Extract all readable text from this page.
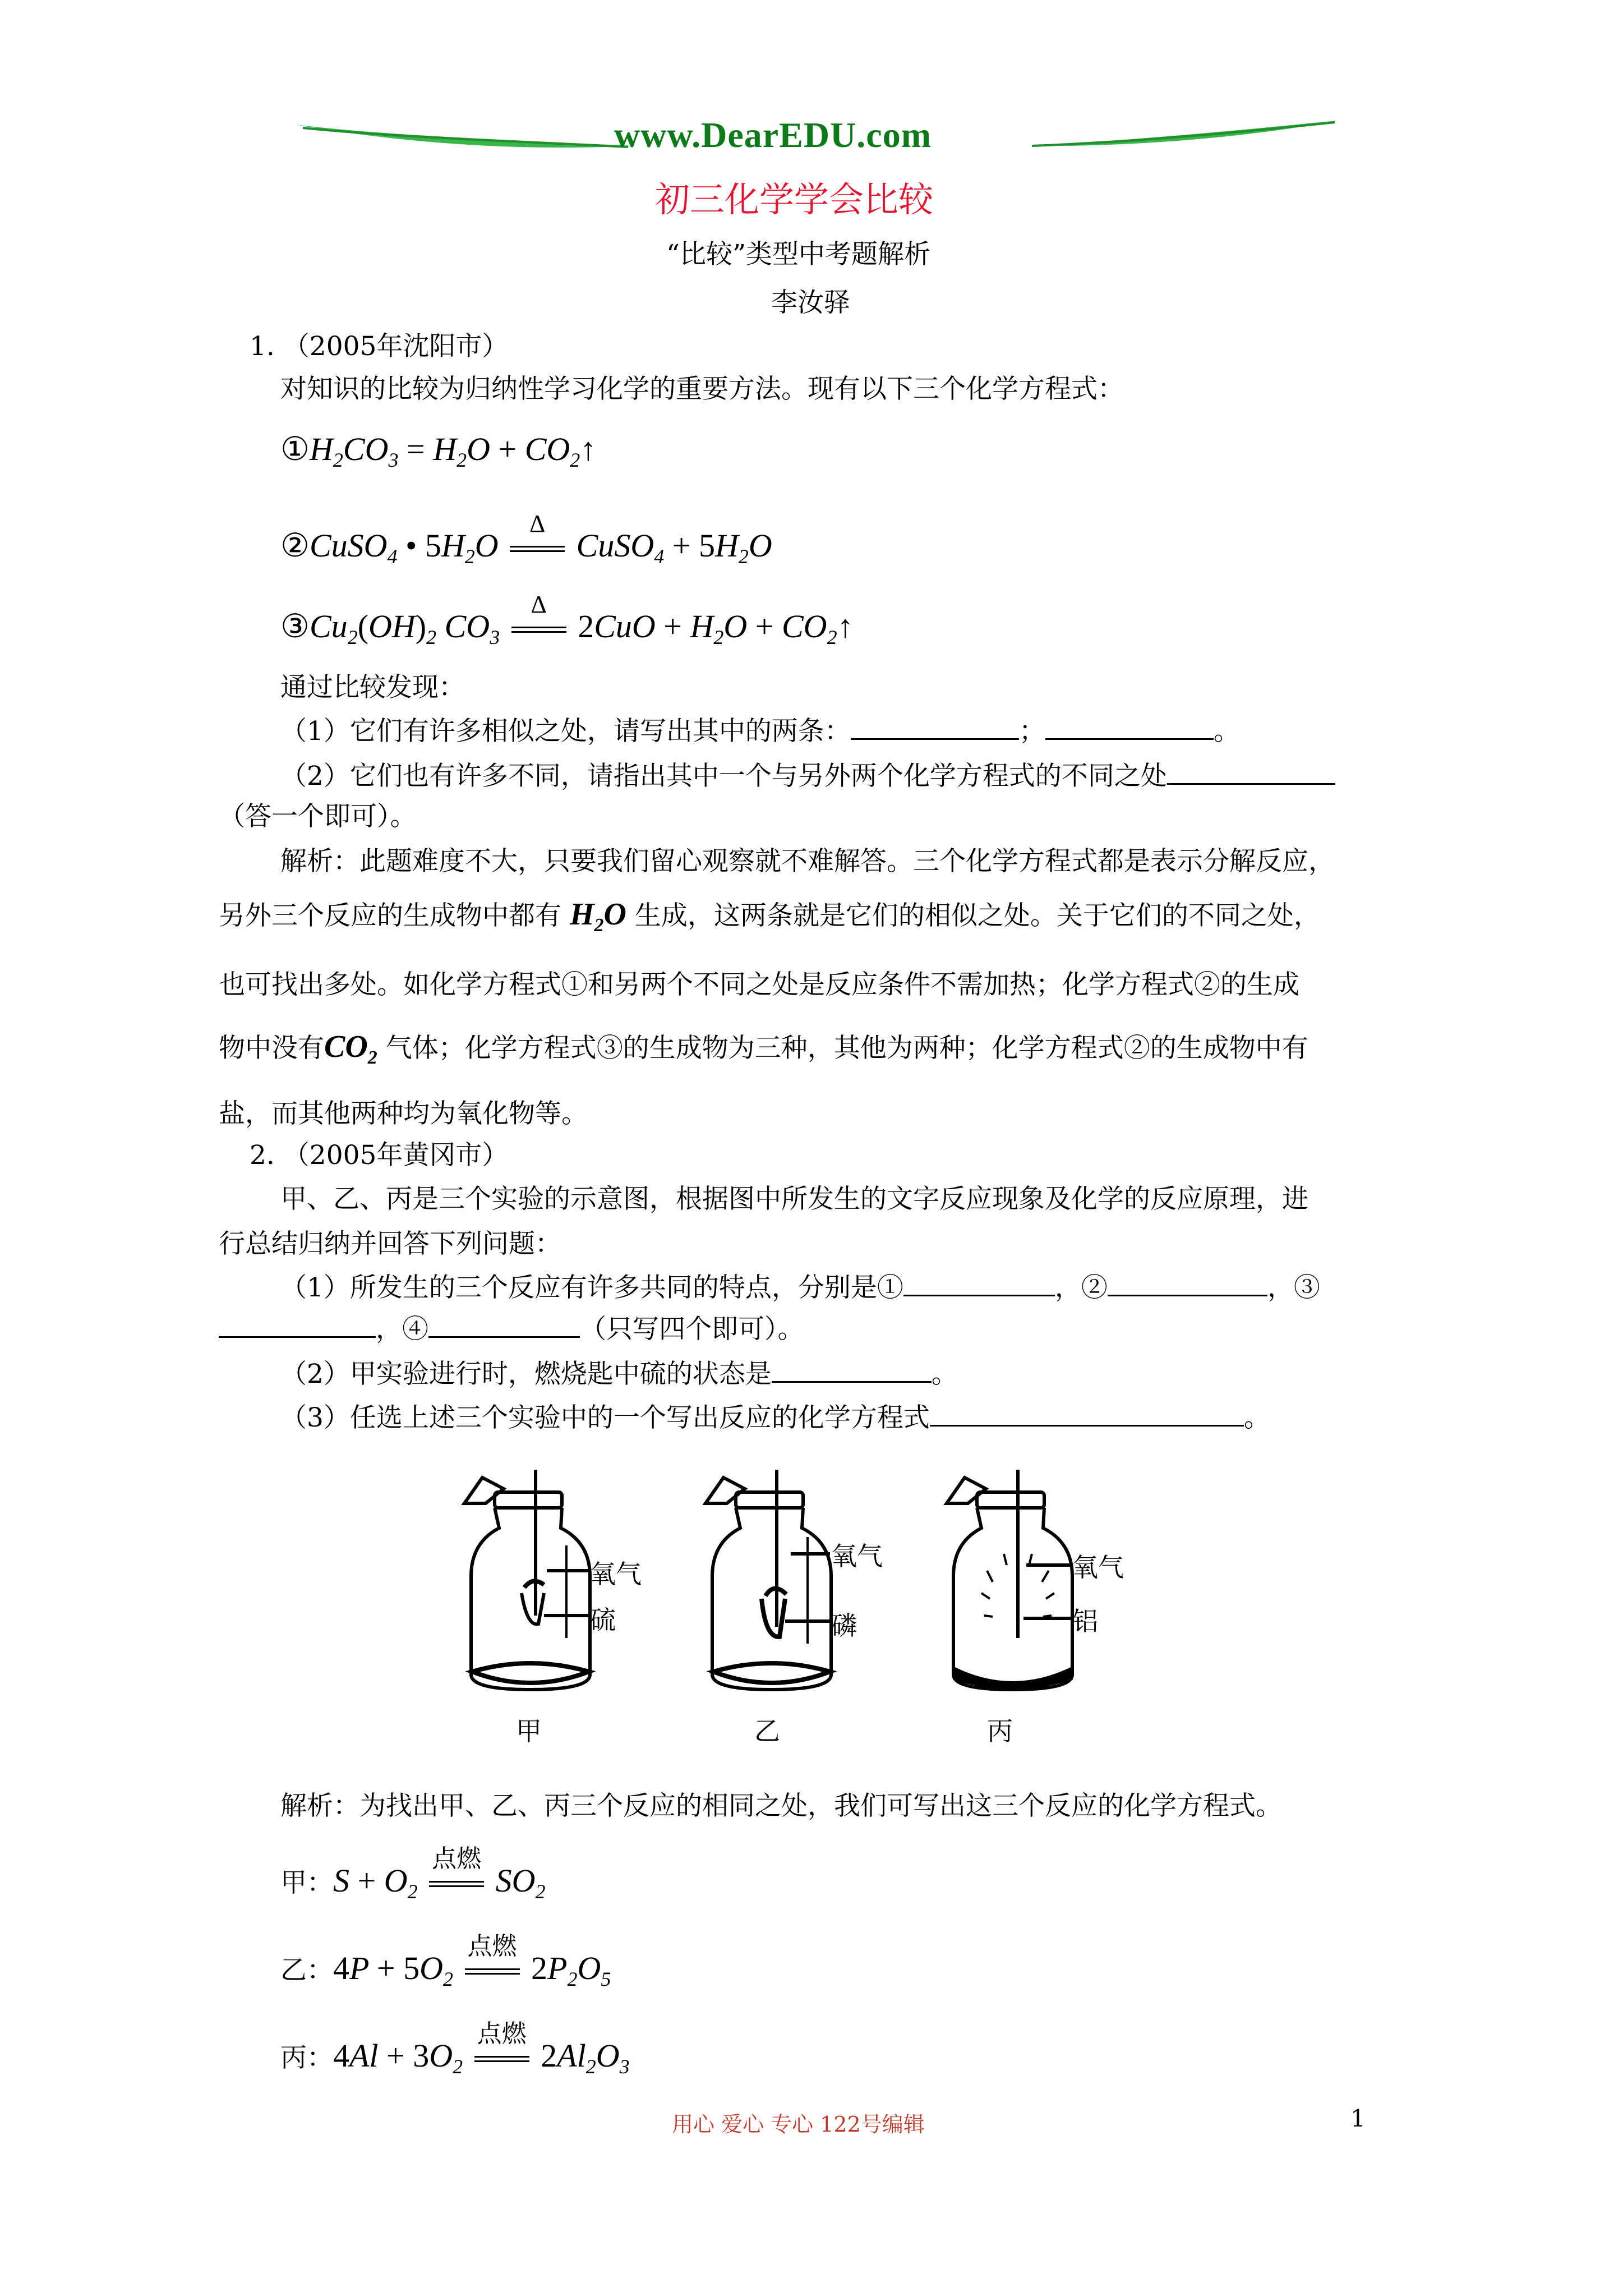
www.DearEDU.com
初三化学学会比较
“比较”类型中考题解析
李汝驿
1. （2005年沈阳市）
对知识的比较为归纳性学习化学的重要方法。现有以下三个化学方程式：
$①H_2CO_3 = H_2O$ + $CO_2↑$
②CuSO$_4$ • $5H_2O$
Δ
CuSO$_4$ + $5H_2O$
$③Cu_2(OH)_2$ $CO_3$
Δ
$2CuO + H_2O$ + $CO_2↑$
通过比较发现：
（1）它们有许多相似之处，请写出其中的两条：	；	。
（2）它们也有许多不同，请指出其中一个与另外两个化学方程式的不同之处
（答一个即可）。
解析：此题难度不大，只要我们留心观察就不难解答。三个化学方程式都是表示分解反应，
另外三个反应的生成物中都有 $H_2O$ 生成，这两条就是它们的相似之处。关于它们的不同之处，
也可找出多处。如化学方程式①和另两个不同之处是反应条件不需加热；化学方程式②的生成
物中没有$CO_2$ 气体；化学方程式③的生成物为三种，其他为两种；化学方程式②的生成物中有
盐，而其他两种均为氧化物等。
2. （2005年黄冈市）
甲、乙、丙是三个实验的示意图，根据图中所发生的文字反应现象及化学的反应原理，进
行总结归纳并回答下列问题：
（1）所发生的三个反应有许多共同的特点，分别是①	，②	，③
，④	（只写四个即可）。
（2）甲实验进行时，燃烧匙中硫的状态是	。
（3）任选上述三个实验中的一个写出反应的化学方程式	。
氧气
硫
甲
氧气
磷
乙
氧气
铝
丙
解析：为找出甲、乙、丙三个反应的相同之处，我们可写出这三个反应的化学方程式。
甲：$S + O_2$
点燃
$SO_2$
乙：$4P + 5O_2$
点燃
$2P_2O_5$
丙：$4Al + 3O_2$
点燃
$2Al_2O_3$
用心 爱心 专心 122号编辑	1
